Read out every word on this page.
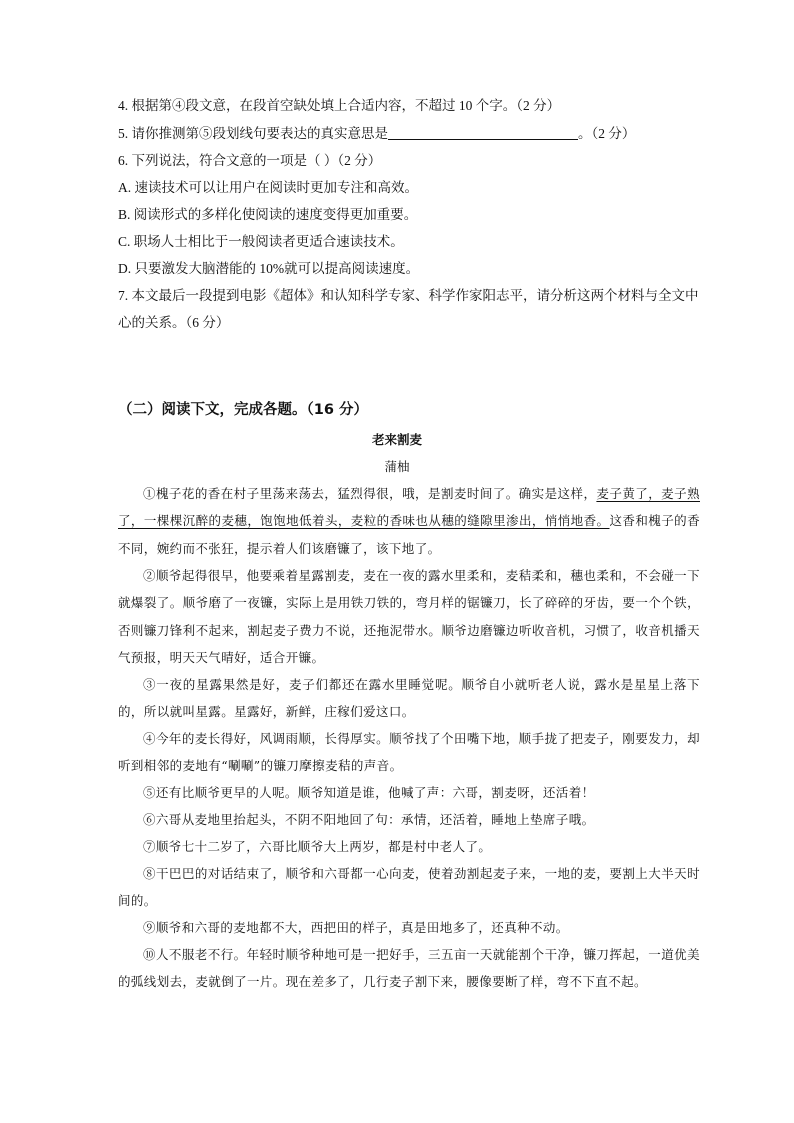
4. 根据第④段文意，在段首空缺处填上合适内容，不超过 10 个字。（2 分）
5. 请你推测第⑤段划线句要表达的真实意思是	。（2 分）
6. 下列说法，符合文意的一项是（ ）（2 分）
A. 速读技术可以让用户在阅读时更加专注和高效。
B. 阅读形式的多样化使阅读的速度变得更加重要。
C. 职场人士相比于一般阅读者更适合速读技术。
D. 只要激发大脑潜能的 10%就可以提高阅读速度。
7. 本文最后一段提到电影《超体》和认知科学专家、科学作家阳志平，请分析这两个材料与全文中心的关系。（6 分）
（二）阅读下文，完成各题。（16 分）
老来割麦
蒲柚
①槐子花的香在村子里荡来荡去，猛烈得很，哦，是割麦时间了。确实是这样，麦子黄了，麦子熟了，一棵棵沉醉的麦穗，饱饱地低着头，麦粒的香味也从穗的缝隙里渗出，悄悄地香。这香和槐子的香不同，婉约而不张狂，提示着人们该磨镰了，该下地了。
②顺爷起得很早，他要乘着星露割麦，麦在一夜的露水里柔和，麦秸柔和，穗也柔和，不会碰一下就爆裂了。顺爷磨了一夜镰，实际上是用铁刀铁的，弯月样的锯镰刀，长了碎碎的牙齿，要一个个铁，否则镰刀锋利不起来，割起麦子费力不说，还拖泥带水。顺爷边磨镰边听收音机，习惯了，收音机播天气预报，明天天气晴好，适合开镰。
③一夜的星露果然是好，麦子们都还在露水里睡觉呢。顺爷自小就听老人说，露水是星星上落下的，所以就叫星露。星露好，新鲜，庄稼们爱这口。
④今年的麦长得好，风调雨顺，长得厚实。顺爷找了个田嘴下地，顺手拢了把麦子，刚要发力，却听到相邻的麦地有“唰唰”的镰刀摩擦麦秸的声音。
⑤还有比顺爷更早的人呢。顺爷知道是谁，他喊了声：六哥，割麦呀，还活着！
⑥六哥从麦地里抬起头，不阴不阳地回了句：承情，还活着，睡地上垫席子哦。
⑦顺爷七十二岁了，六哥比顺爷大上两岁，都是村中老人了。
⑧干巴巴的对话结束了，顺爷和六哥都一心向麦，使着劲割起麦子来，一地的麦，要割上大半天时间的。
⑨顺爷和六哥的麦地都不大，西把田的样子，真是田地多了，还真种不动。
⑩人不服老不行。年轻时顺爷种地可是一把好手，三五亩一天就能割个干净，镰刀挥起，一道优美的弧线划去，麦就倒了一片。现在差多了，几行麦子割下来，腰像要断了样，弯不下直不起。
